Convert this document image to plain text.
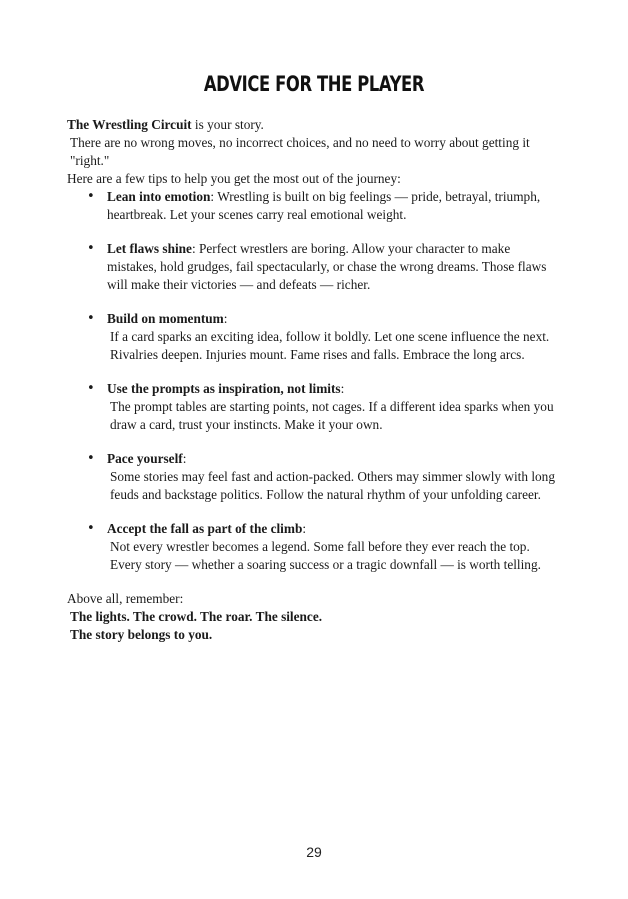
ADVICE FOR THE PLAYER

The Wrestling Circuit is your story.
There are no wrong moves, no incorrect choices, and no need to worry about getting it "right."

Here are a few tips to help you get the most out of the journey:

• Lean into emotion: Wrestling is built on big feelings — pride, betrayal, triumph, heartbreak. Let your scenes carry real emotional weight.
• Let flaws shine: Perfect wrestlers are boring. Allow your character to make mistakes, hold grudges, fail spectacularly, or chase the wrong dreams. Those flaws will make their victories — and defeats — richer.
• Build on momentum:
If a card sparks an exciting idea, follow it boldly. Let one scene influence the next. Rivalries deepen. Injuries mount. Fame rises and falls. Embrace the long arcs.
• Use the prompts as inspiration, not limits:
The prompt tables are starting points, not cages. If a different idea sparks when you draw a card, trust your instincts. Make it your own.
• Pace yourself:
Some stories may feel fast and action-packed. Others may simmer slowly with long feuds and backstage politics. Follow the natural rhythm of your unfolding career.
• Accept the fall as part of the climb:
Not every wrestler becomes a legend. Some fall before they ever reach the top. Every story — whether a soaring success or a tragic downfall — is worth telling.

Above all, remember:
The lights. The crowd. The roar. The silence.
The story belongs to you.

29
